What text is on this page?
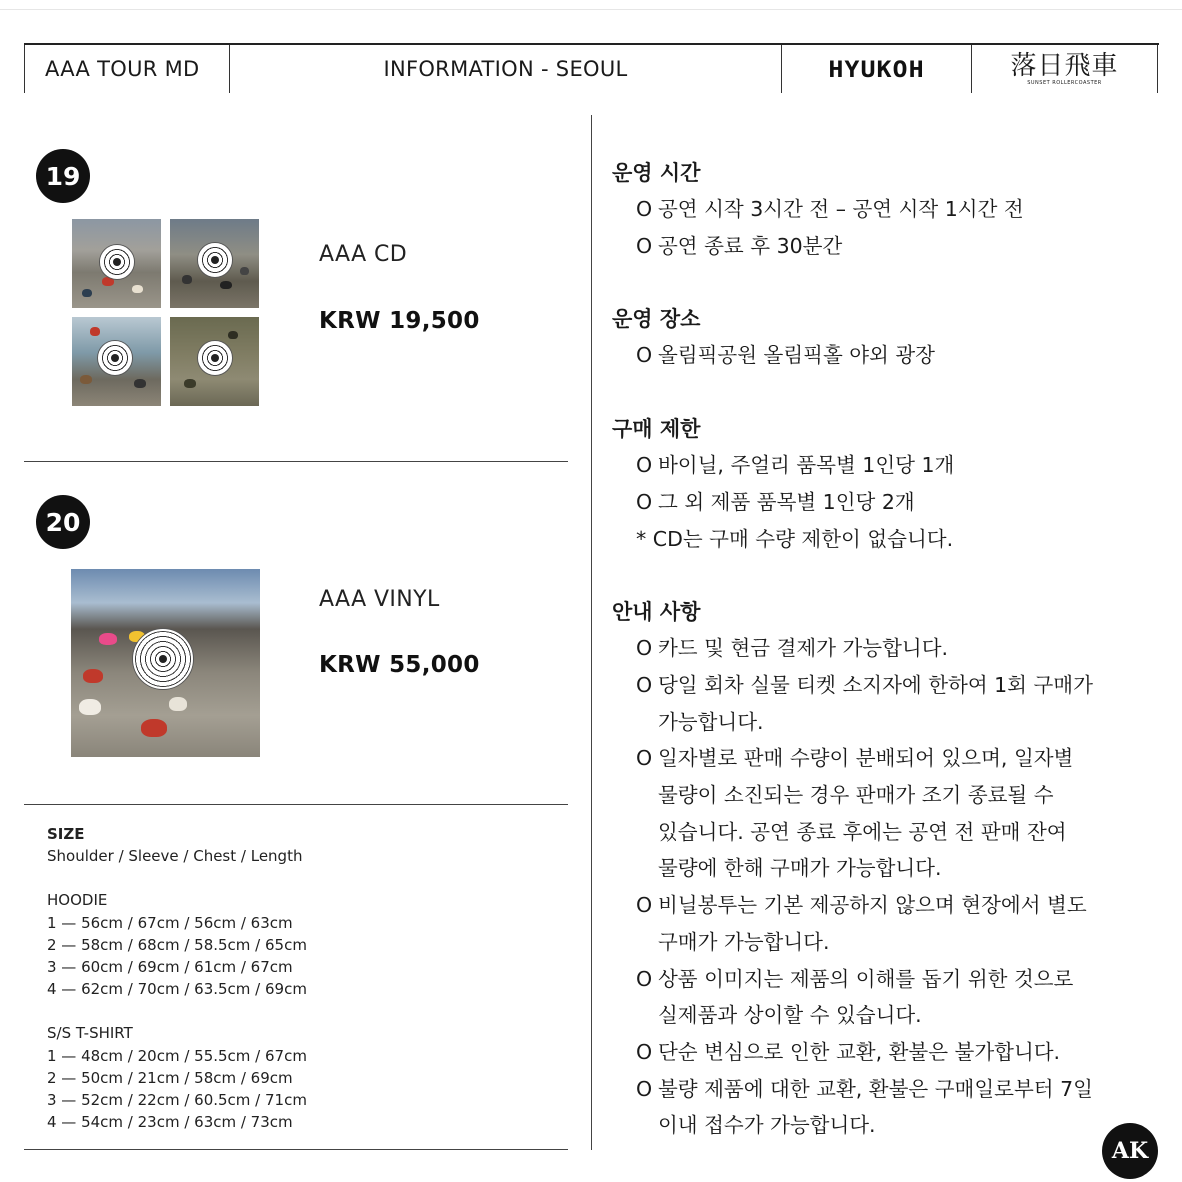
AAA TOUR MD	INFORMATION - SEOUL	HYUKOH	落日飛車
SUNSET ROLLERCOASTER
19
AAA CD
KRW 19,500
20
AAA VINYL
KRW 55,000
SIZE
Shoulder / Sleeve / Chest / Length
HOODIE
1 — 56cm / 67cm / 56cm / 63cm
2 — 58cm / 68cm / 58.5cm / 65cm
3 — 60cm / 69cm / 61cm / 67cm
4 — 62cm / 70cm / 63.5cm / 69cm
S/S T-SHIRT
1 — 48cm / 20cm / 55.5cm / 67cm
2 — 50cm / 21cm / 58cm / 69cm
3 — 52cm / 22cm / 60.5cm / 71cm
4 — 54cm / 23cm / 63cm / 73cm
운영 시간
O 공연 시작 3시간 전 – 공연 시작 1시간 전
O 공연 종료 후 30분간
운영 장소
O 올림픽공원 올림픽홀 야외 광장
구매 제한
O 바이닐, 주얼리 품목별 1인당 1개
O 그 외 제품 품목별 1인당 2개
* CD는 구매 수량 제한이 없습니다.
안내 사항
O 카드 및 현금 결제가 가능합니다.
O 당일 회차 실물 티켓 소지자에 한하여 1회 구매가
가능합니다.
O 일자별로 판매 수량이 분배되어 있으며, 일자별
물량이 소진되는 경우 판매가 조기 종료될 수
있습니다. 공연 종료 후에는 공연 전 판매 잔여
물량에 한해 구매가 가능합니다.
O 비닐봉투는 기본 제공하지 않으며 현장에서 별도
구매가 가능합니다.
O 상품 이미지는 제품의 이해를 돕기 위한 것으로
실제품과 상이할 수 있습니다.
O 단순 변심으로 인한 교환, 환불은 불가합니다.
O 불량 제품에 대한 교환, 환불은 구매일로부터 7일
이내 접수가 가능합니다.
AK
